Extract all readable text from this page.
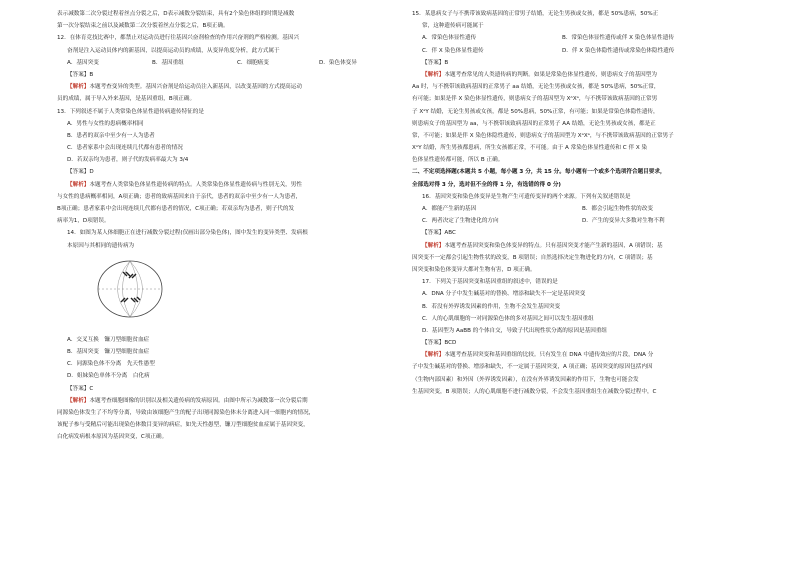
表示减数第二次分裂过程着丝点分裂之后，D表示减数分裂结束，具有2个染色体组的时期是减数
第一次分裂结束之前以及减数第二次分裂着丝点分裂之后，B项正确。
12．在体育竞技比赛中，都禁止对运动员进行往基因兴奋剂检查的作用兴奋剂的严格检测。基因兴
奋剂是注入运动员体内的新基因，以提高运动员的成绩，从变异角度分析，此方式属于
A．基因突变	B．基因重组	C．细胞癌变	D．染色体变异
【答案】B
【解析】本题考查变异的类型。基因兴奋剂是给运动员注入新基因，以改变基因的方式提高运动
员的成绩，属于导入外来基因，是基因重组，B项正确。
13．下列叙述不属于人类常染色体显性遗传病遗传特征的是
A．男性与女性的患病概率相同
B．患者的双亲中至少有一人为患者
C．患者家系中会出现连续几代都有患者的情况
D．若双亲均为患者，则子代的发病率最大为 3/4
【答案】D
【解析】本题考查人类常染色体显性遗传病的特点。人类常染色体显性遗传病与性别无关，男性
与女性的患病概率相同，A项正确；患者的致病基因来自于亲代，患者的双亲中至少有一人为患者，
B项正确；患者家系中会出现连续几代都有患者的情况，C项正确；若双亲均为患者，则子代的发
病率为1，D项错误。
14．如图为某人体细胞正在进行减数分裂过程(仅画出部分染色体)，图中发生的变异类型、发病根
本原因与其相同的遗传病为
A．交叉互换　镰刀型细胞贫血症
B．基因突变　镰刀型细胞贫血症
C．同源染色体不分离　先天性愚型
D．姐妹染色单体不分离　白化病
【答案】C
【解析】本题考查细胞图像的识别以及相关遗传病的发病原因。由图中所示为减数第一次分裂后期
同源染色体发生了不均等分离，导致由该细胞产生的配子出现同源染色体未分离进入同一细胞内的情况，
该配子参与受精后可能出现染色体数目变异的病症，如先天性愚型，镰刀型细胞贫血症属于基因突变，
白化病发病根本原因为基因突变，C项正确。
15．某患病女子与不携带该致病基因的正常男子结婚，无论生男孩或女孩，都是 50%患病，50%正
常，这种遗传病可能属于
A．常染色体显性遗传	B．常染色体显性遗传或伴 X 染色体显性遗传
C．伴 X 染色体显性遗传	D．伴 X 染色体隐性遗传或常染色体隐性遗传
【答案】B
【解析】本题考查常见的人类遗传病的判断。如果是常染色体显性遗传，则患病女子的基因型为
Aa 时，与不携带该致病基因的正常男子 aa 结婚，无论生男孩或女孩，都是 50%患病，50%正常，
有可能；如果是伴 X 染色体显性遗传，则患病女子的基因型为 XᴬXᵃ，与不携带该致病基因的正常男
子 XᵃY 结婚，无论生男孩或女孩，都是 50%患病，50%正常，有可能；如果是常染色体隐性遗传，
则患病女子的基因型为 aa，与不携带该致病基因的正常男子 AA 结婚，无论生男孩或女孩，都是正
常，不可能；如果是伴 X 染色体隐性遗传，则患病女子的基因型为 XᵃXᵃ，与不携带该致病基因的正常男子
XᴬY 结婚，所生男孩都患病，所生女孩都正常，不可能。由于 A 常染色体显性遗传和 C 伴 X 染
色体显性遗传都可能，所以 B 正确。
二、不定项选择题(本题共 5 小题，每小题 3 分，共 15 分。每小题有一个或多个选项符合题目要求，
全部选对得 3 分，选对但不全的得 1 分，有选错的得 0 分)
16．基因突变和染色体变异是生物产生可遗传变异的两个来源。下列有关叙述错误是
A．都能产生新的基因	B．都会引起生物性状的改变
C．两者决定了生物进化的方向	D．产生的变异大多数对生物不利
【答案】ABC
【解析】本题考查基因突变和染色体变异的特点。只有基因突变才能产生新的基因，A 项错误；基
因突变不一定都会引起生物性状的改变，B 项错误；自然选择决定生物进化的方向，C 项错误；基
因突变和染色体变异大都对生物有害，D 项正确。
17．下列关于基因突变和基因重组的叙述中，错误的是
A．DNA 分子中发生碱基对的替换、增添和缺失不一定是基因突变
B．若没有外界诱发因素的作用，生物不会发生基因突变
C．人的心肌细胞的一对同源染色体的多对基因之间可以发生基因重组
D．基因型为 AaBB 的个体自交，导致子代出现性状分离的原因是基因重组
【答案】BCD
【解析】本题考查基因突变和基因重组的比较。只有发生在 DNA 中遗传效应的片段，DNA 分
子中发生碱基对的替换、增添和缺失，不一定属于基因突变，A 项正确；基因突变的原因包括内因
（生物内部因素）和外因（外界诱发因素），在没有外界诱发因素的作用下，生物也可能会发
生基因突变，B 项错误；人的心肌细胞不进行减数分裂，不会发生基因重组生在减数分裂过程中，C
